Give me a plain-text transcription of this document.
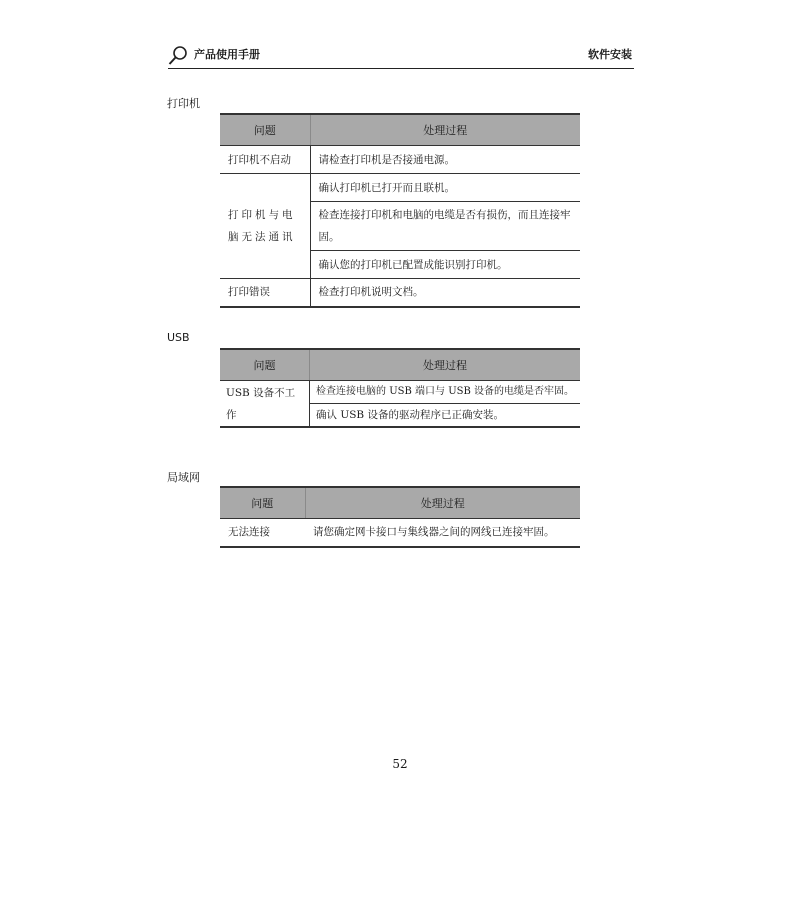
产品使用手册	软件安装
打印机
问题	处理过程
打印机不启动	请检查打印机是否接通电源。
打印机与电脑无法通讯	确认打印机已打开而且联机。
	检查连接打印机和电脑的电缆是否有损伤，而且连接牢固。
	确认您的打印机已配置成能识别打印机。
打印错误	检查打印机说明文档。
USB
问题	处理过程
USB 设备不工作	检查连接电脑的 USB 端口与 USB 设备的电缆是否牢固。
	确认 USB 设备的驱动程序已正确安装。
局域网
问题	处理过程
无法连接	请您确定网卡接口与集线器之间的网线已连接牢固。
52
